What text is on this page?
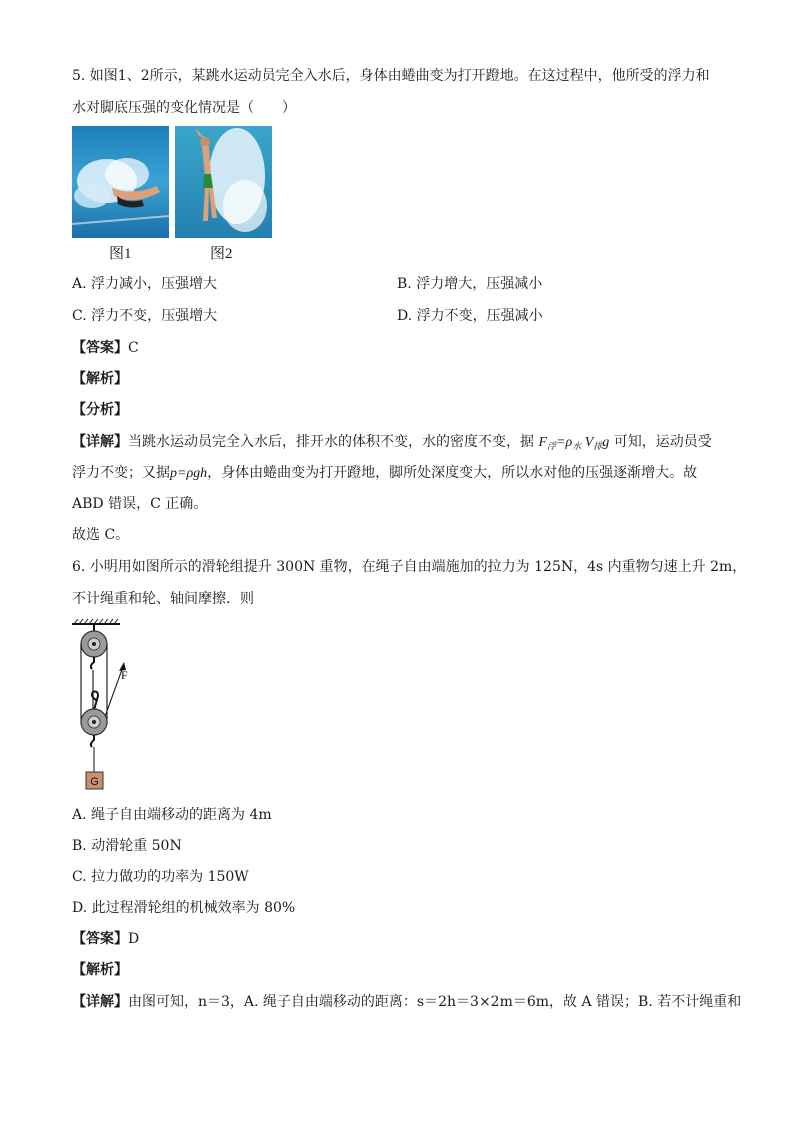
5. 如图1、2所示，某跳水运动员完全入水后，身体由蜷曲变为打开蹬地。在这过程中，他所受的浮力和
水对脚底压强的变化情况是（　　）
图1	图2
A. 浮力减小，压强增大	B. 浮力增大，压强减小
C. 浮力不变，压强增大	D. 浮力不变，压强减小
【答案】C
【解析】
【分析】
【详解】当跳水运动员完全入水后，排开水的体积不变，水的密度不变，据 $F_浮=\rho_水$ $V_排g$ 可知，运动员受
浮力不变；又据p=ρgh，身体由蜷曲变为打开蹬地，脚所处深度变大，所以水对他的压强逐渐增大。故
ABD 错误，C 正确。
故选 C。
6. 小明用如图所示的滑轮组提升 300N 重物，在绳子自由端施加的拉力为 125N，4s 内重物匀速上升 2m，
不计绳重和轮、轴间摩擦．则
F
G
A. 绳子自由端移动的距离为 4m
B. 动滑轮重 50N
C. 拉力做功的功率为 150W
D. 此过程滑轮组的机械效率为 80%
【答案】D
【解析】
【详解】由图可知，n＝3，A. 绳子自由端移动的距离：s＝2h＝3×2m＝6m，故 A 错误；B. 若不计绳重和
